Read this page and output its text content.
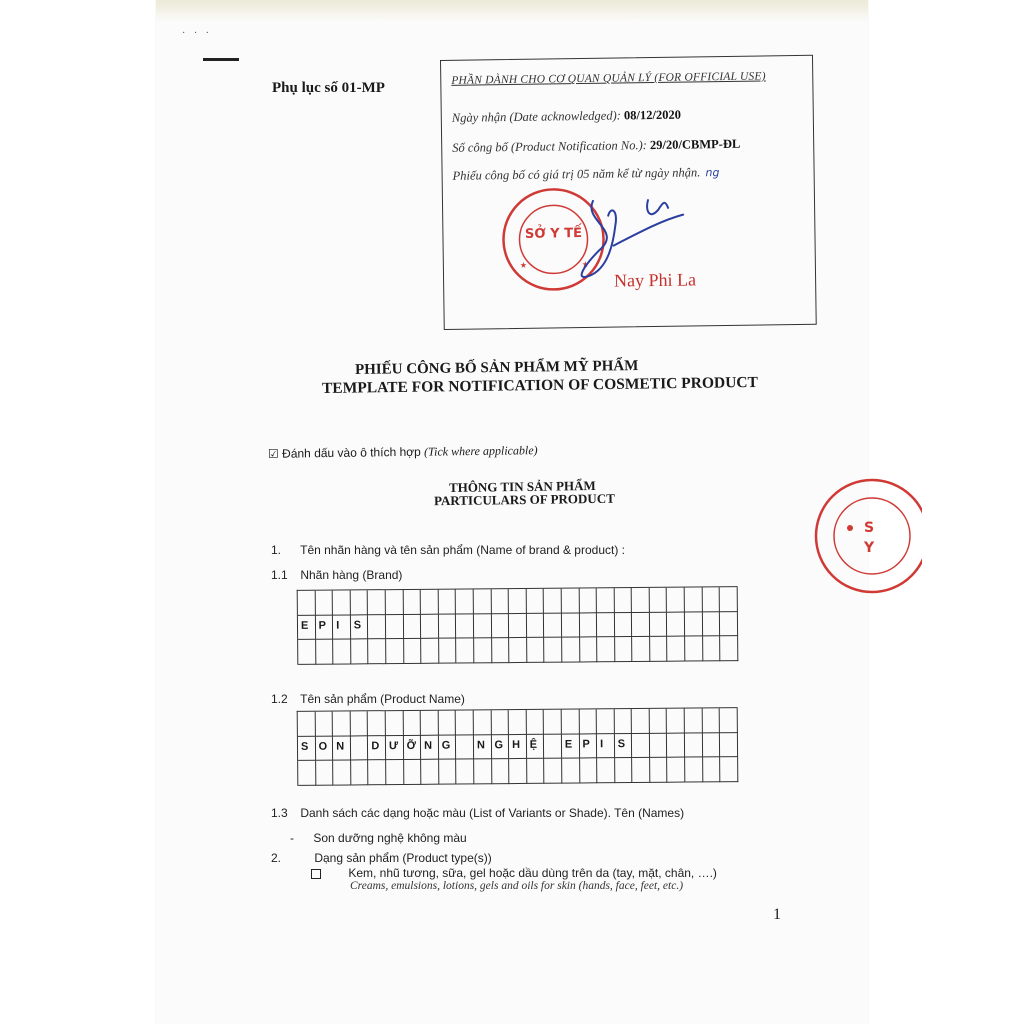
· · ·
Phụ lục số 01-MP
PHẦN DÀNH CHO CƠ QUAN QUẢN LÝ (FOR OFFICIAL USE)
Ngày nhận (Date acknowledged): 08/12/2020
Số công bố (Product Notification No.): 29/20/CBMP-ĐL
Phiếu công bố có giá trị 05 năm kể từ ngày nhận. ng
SỞ Y TẾ
★	★
Nay Phi La
PHIẾU CÔNG BỐ SẢN PHẨM MỸ PHẨM
TEMPLATE FOR NOTIFICATION OF COSMETIC PRODUCT
☑ Đánh dấu vào ô thích hợp (Tick where applicable)
THÔNG TIN SẢN PHẨM
PARTICULARS OF PRODUCT
S
Y
1. Tên nhãn hàng và tên sản phẩm (Name of brand & product) :
1.1 Nhãn hàng (Brand)
E P I	S
1.2 Tên sản phẩm (Product Name)
S O N	D Ư Ỡ N G	N G H Ệ	E P I	S
1.3 Danh sách các dạng hoặc màu (List of Variants or Shade). Tên (Names)
- Son dưỡng nghệ không màu
2.	Dạng sản phẩm (Product type(s))
Kem, nhũ tương, sữa, gel hoặc dầu dùng trên da (tay, mặt, chân, ….)
Creams, emulsions, lotions, gels and oils for skin (hands, face, feet, etc.)
1
